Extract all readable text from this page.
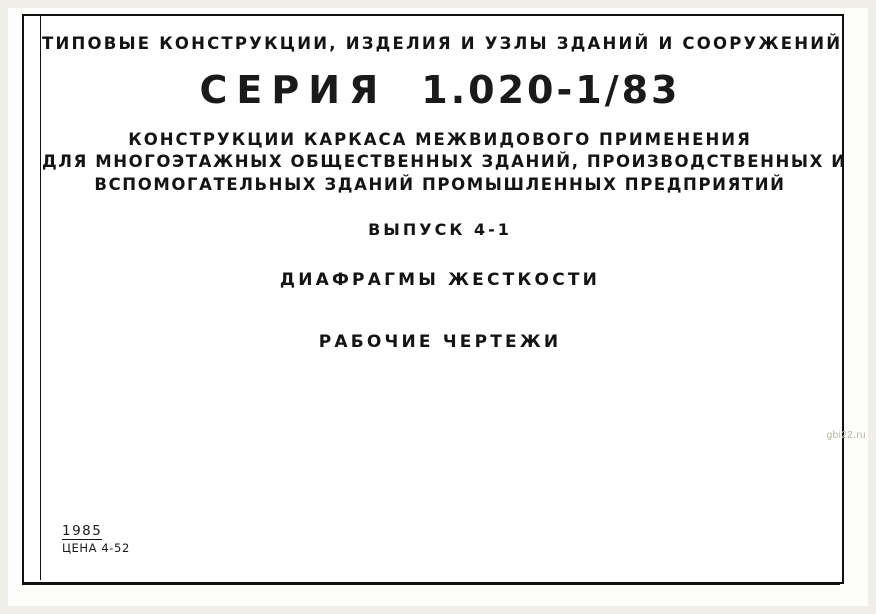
ТИПОВЫЕ КОНСТРУКЦИИ, ИЗДЕЛИЯ И УЗЛЫ ЗДАНИЙ И СООРУЖЕНИЙ
СЕРИЯ 1.020-1/83
КОНСТРУКЦИИ КАРКАСА МЕЖВИДОВОГО ПРИМЕНЕНИЯ
ДЛЯ МНОГОЭТАЖНЫХ ОБЩЕСТВЕННЫХ ЗДАНИЙ, ПРОИЗВОДСТВЕННЫХ И
ВСПОМОГАТЕЛЬНЫХ ЗДАНИЙ ПРОМЫШЛЕННЫХ ПРЕДПРИЯТИЙ
ВЫПУСК 4-1
ДИАФРАГМЫ ЖЕСТКОСТИ
РАБОЧИЕ ЧЕРТЕЖИ
1985
ЦЕНА 4-52
gbi22.ru
